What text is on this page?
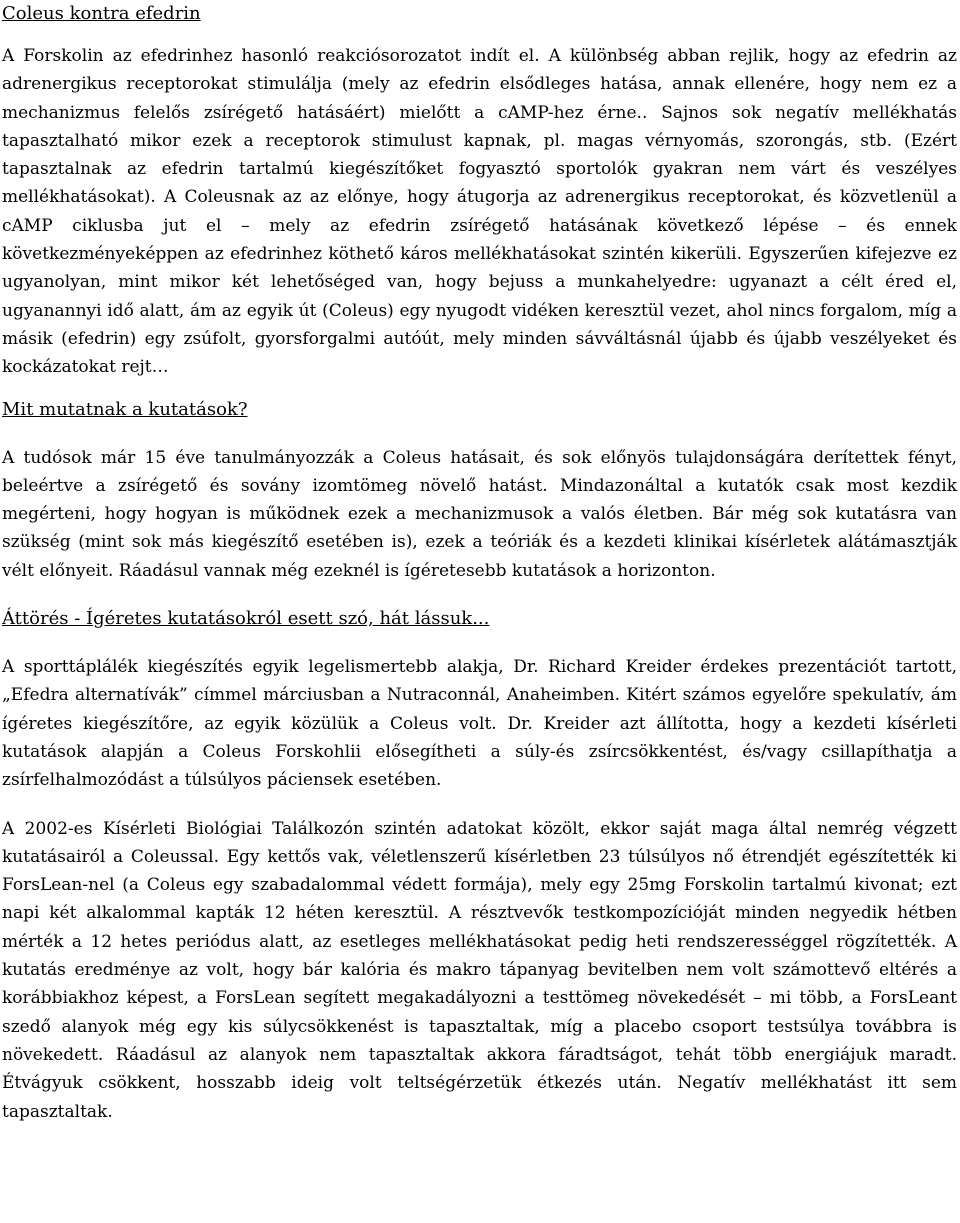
Coleus kontra efedrin

A Forskolin az efedrinhez hasonló reakciósorozatot indít el. A különbség abban rejlik, hogy az efedrin az adrenergikus receptorokat stimulálja (mely az efedrin elsődleges hatása, annak ellenére, hogy nem ez a mechanizmus felelős zsírégető hatásáért) mielőtt a cAMP-hez érne.. Sajnos sok negatív mellékhatás tapasztalható mikor ezek a receptorok stimulust kapnak, pl. magas vérnyomás, szorongás, stb. (Ezért tapasztalnak az efedrin tartalmú kiegészítőket fogyasztó sportolók gyakran nem várt és veszélyes mellékhatásokat). A Coleusnak az az előnye, hogy átugorja az adrenergikus receptorokat, és közvetlenül a cAMP ciklusba jut el – mely az efedrin zsírégető hatásának következő lépése – és ennek következményeképpen az efedrinhez köthető káros mellékhatásokat szintén kikerüli. Egyszerűen kifejezve ez ugyanolyan, mint mikor két lehetőséged van, hogy bejuss a munkahelyedre: ugyanazt a célt éred el, ugyanannyi idő alatt, ám az egyik út (Coleus) egy nyugodt vidéken keresztül vezet, ahol nincs forgalom, míg a másik (efedrin) egy zsúfolt, gyorsforgalmi autóút, mely minden sávváltásnál újabb és újabb veszélyeket és kockázatokat rejt…

Mit mutatnak a kutatások?

A tudósok már 15 éve tanulmányozzák a Coleus hatásait, és sok előnyös tulajdonságára derítettek fényt, beleértve a zsírégető és sovány izomtömeg növelő hatást. Mindazonáltal a kutatók csak most kezdik megérteni, hogy hogyan is működnek ezek a mechanizmusok a valós életben. Bár még sok kutatásra van szükség (mint sok más kiegészítő esetében is), ezek a teóriák és a kezdeti klinikai kísérletek alátámasztják vélt előnyeit. Ráadásul vannak még ezeknél is ígéretesebb kutatások a horizonton.

Áttörés - Ígéretes kutatásokról esett szó, hát lássuk...

A sporttáplálék kiegészítés egyik legelismertebb alakja, Dr. Richard Kreider érdekes prezentációt tartott, „Efedra alternatívák” címmel márciusban a Nutraconnál, Anaheimben. Kitért számos egyelőre spekulatív, ám ígéretes kiegészítőre, az egyik közülük a Coleus volt. Dr. Kreider azt állította, hogy a kezdeti kísérleti kutatások alapján a Coleus Forskohlii elősegítheti a súly-és zsírcsökkentést, és/vagy csillapíthatja a zsírfelhalmozódást a túlsúlyos páciensek esetében.

A 2002-es Kísérleti Biológiai Találkozón szintén adatokat közölt, ekkor saját maga által nemrég végzett kutatásairól a Coleussal. Egy kettős vak, véletlenszerű kísérletben 23 túlsúlyos nő étrendjét egészítették ki ForsLean-nel (a Coleus egy szabadalommal védett formája), mely egy 25mg Forskolin tartalmú kivonat; ezt napi két alkalommal kapták 12 héten keresztül. A résztvevők testkompozícióját minden negyedik hétben mérték a 12 hetes periódus alatt, az esetleges mellékhatásokat pedig heti rendszerességgel rögzítették. A kutatás eredménye az volt, hogy bár kalória és makro tápanyag bevitelben nem volt számottevő eltérés a korábbiakhoz képest, a ForsLean segített megakadályozni a testtömeg növekedését – mi több, a ForsLeant szedő alanyok még egy kis súlycsökkenést is tapasztaltak, míg a placebo csoport testsúlya továbbra is növekedett. Ráadásul az alanyok nem tapasztaltak akkora fáradtságot, tehát több energiájuk maradt. Étvágyuk csökkent, hosszabb ideig volt teltségérzetük étkezés után. Negatív mellékhatást itt sem tapasztaltak.
